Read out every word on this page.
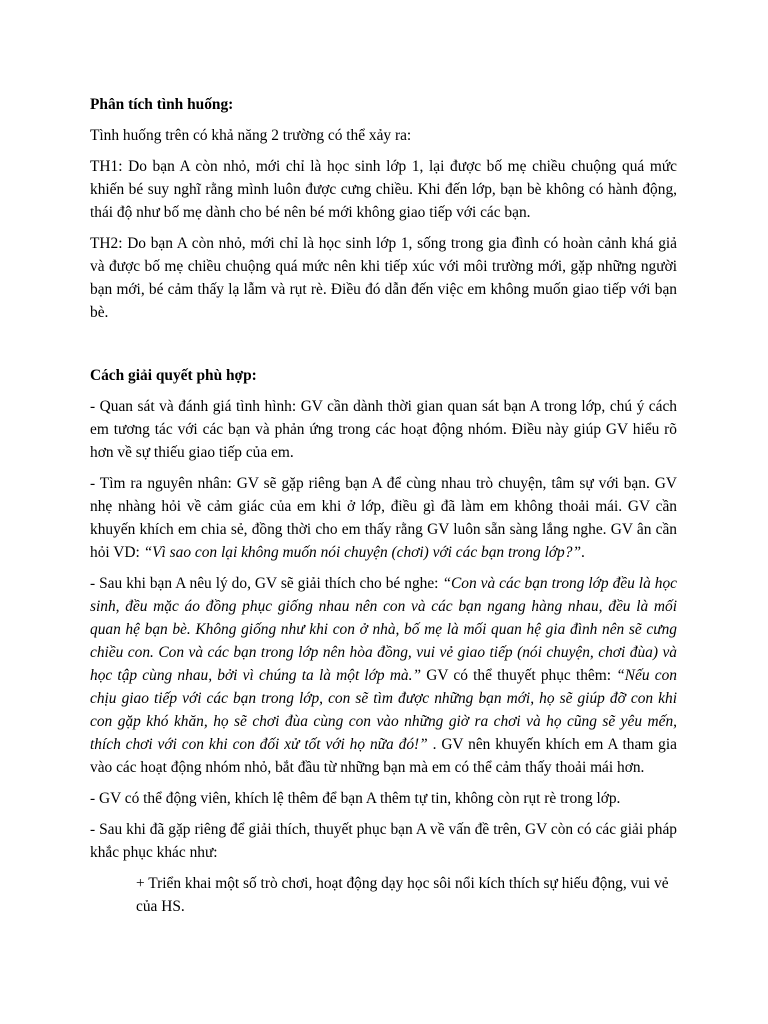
Phân tích tình huống:

Tình huống trên có khả năng 2 trường có thể xảy ra:

TH1: Do bạn A còn nhỏ, mới chỉ là học sinh lớp 1, lại được bố mẹ chiều chuộng quá mức khiến bé suy nghĩ rằng mình luôn được cưng chiều. Khi đến lớp, bạn bè không có hành động, thái độ như bố mẹ dành cho bé nên bé mới không giao tiếp với các bạn.

TH2: Do bạn A còn nhỏ, mới chỉ là học sinh lớp 1, sống trong gia đình có hoàn cảnh khá giả và được bố mẹ chiều chuộng quá mức nên khi tiếp xúc với môi trường mới, gặp những người bạn mới, bé cảm thấy lạ lẫm và rụt rè. Điều đó dẫn đến việc em không muốn giao tiếp với bạn bè.

Cách giải quyết phù hợp:

- Quan sát và đánh giá tình hình: GV cần dành thời gian quan sát bạn A trong lớp, chú ý cách em tương tác với các bạn và phản ứng trong các hoạt động nhóm. Điều này giúp GV hiểu rõ hơn về sự thiếu giao tiếp của em.

- Tìm ra nguyên nhân: GV sẽ gặp riêng bạn A để cùng nhau trò chuyện, tâm sự với bạn. GV nhẹ nhàng hỏi về cảm giác của em khi ở lớp, điều gì đã làm em không thoải mái. GV cần khuyến khích em chia sẻ, đồng thời cho em thấy rằng GV luôn sẵn sàng lắng nghe. GV ân cần hỏi VD: “Vì sao con lại không muốn nói chuyện (chơi) với các bạn trong lớp?”.

- Sau khi bạn A nêu lý do, GV sẽ giải thích cho bé nghe: “Con và các bạn trong lớp đều là học sinh, đều mặc áo đồng phục giống nhau nên con và các bạn ngang hàng nhau, đều là mối quan hệ bạn bè. Không giống như khi con ở nhà, bố mẹ là mối quan hệ gia đình nên sẽ cưng chiều con. Con và các bạn trong lớp nên hòa đồng, vui vẻ giao tiếp (nói chuyện, chơi đùa) và học tập cùng nhau, bởi vì chúng ta là một lớp mà.” GV có thể thuyết phục thêm: “Nếu con chịu giao tiếp với các bạn trong lớp, con sẽ tìm được những bạn mới, họ sẽ giúp đỡ con khi con gặp khó khăn, họ sẽ chơi đùa cùng con vào những giờ ra chơi và họ cũng sẽ yêu mến, thích chơi với con khi con đối xử tốt với họ nữa đó!” . GV nên khuyến khích em A tham gia vào các hoạt động nhóm nhỏ, bắt đầu từ những bạn mà em có thể cảm thấy thoải mái hơn.

- GV có thể động viên, khích lệ thêm để bạn A thêm tự tin, không còn rụt rè trong lớp.

- Sau khi đã gặp riêng để giải thích, thuyết phục bạn A về vấn đề trên, GV còn có các giải pháp khắc phục khác như:

+ Triển khai một số trò chơi, hoạt động dạy học sôi nổi kích thích sự hiếu động, vui vẻ của HS.
